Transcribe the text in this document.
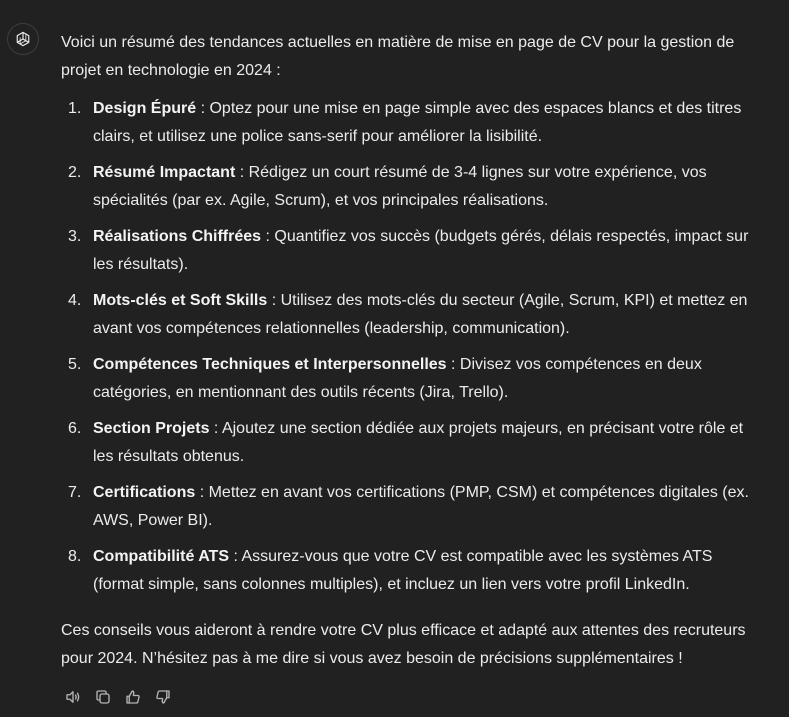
Voici un résumé des tendances actuelles en matière de mise en page de CV pour la gestion de projet en technologie en 2024 :

1. Design Épuré : Optez pour une mise en page simple avec des espaces blancs et des titres clairs, et utilisez une police sans-serif pour améliorer la lisibilité.
2. Résumé Impactant : Rédigez un court résumé de 3-4 lignes sur votre expérience, vos spécialités (par ex. Agile, Scrum), et vos principales réalisations.
3. Réalisations Chiffrées : Quantifiez vos succès (budgets gérés, délais respectés, impact sur les résultats).
4. Mots-clés et Soft Skills : Utilisez des mots-clés du secteur (Agile, Scrum, KPI) et mettez en avant vos compétences relationnelles (leadership, communication).
5. Compétences Techniques et Interpersonnelles : Divisez vos compétences en deux catégories, en mentionnant des outils récents (Jira, Trello).
6. Section Projets : Ajoutez une section dédiée aux projets majeurs, en précisant votre rôle et les résultats obtenus.
7. Certifications : Mettez en avant vos certifications (PMP, CSM) et compétences digitales (ex. AWS, Power BI).
8. Compatibilité ATS : Assurez-vous que votre CV est compatible avec les systèmes ATS (format simple, sans colonnes multiples), et incluez un lien vers votre profil LinkedIn.

Ces conseils vous aideront à rendre votre CV plus efficace et adapté aux attentes des recruteurs pour 2024. N’hésitez pas à me dire si vous avez besoin de précisions supplémentaires !
